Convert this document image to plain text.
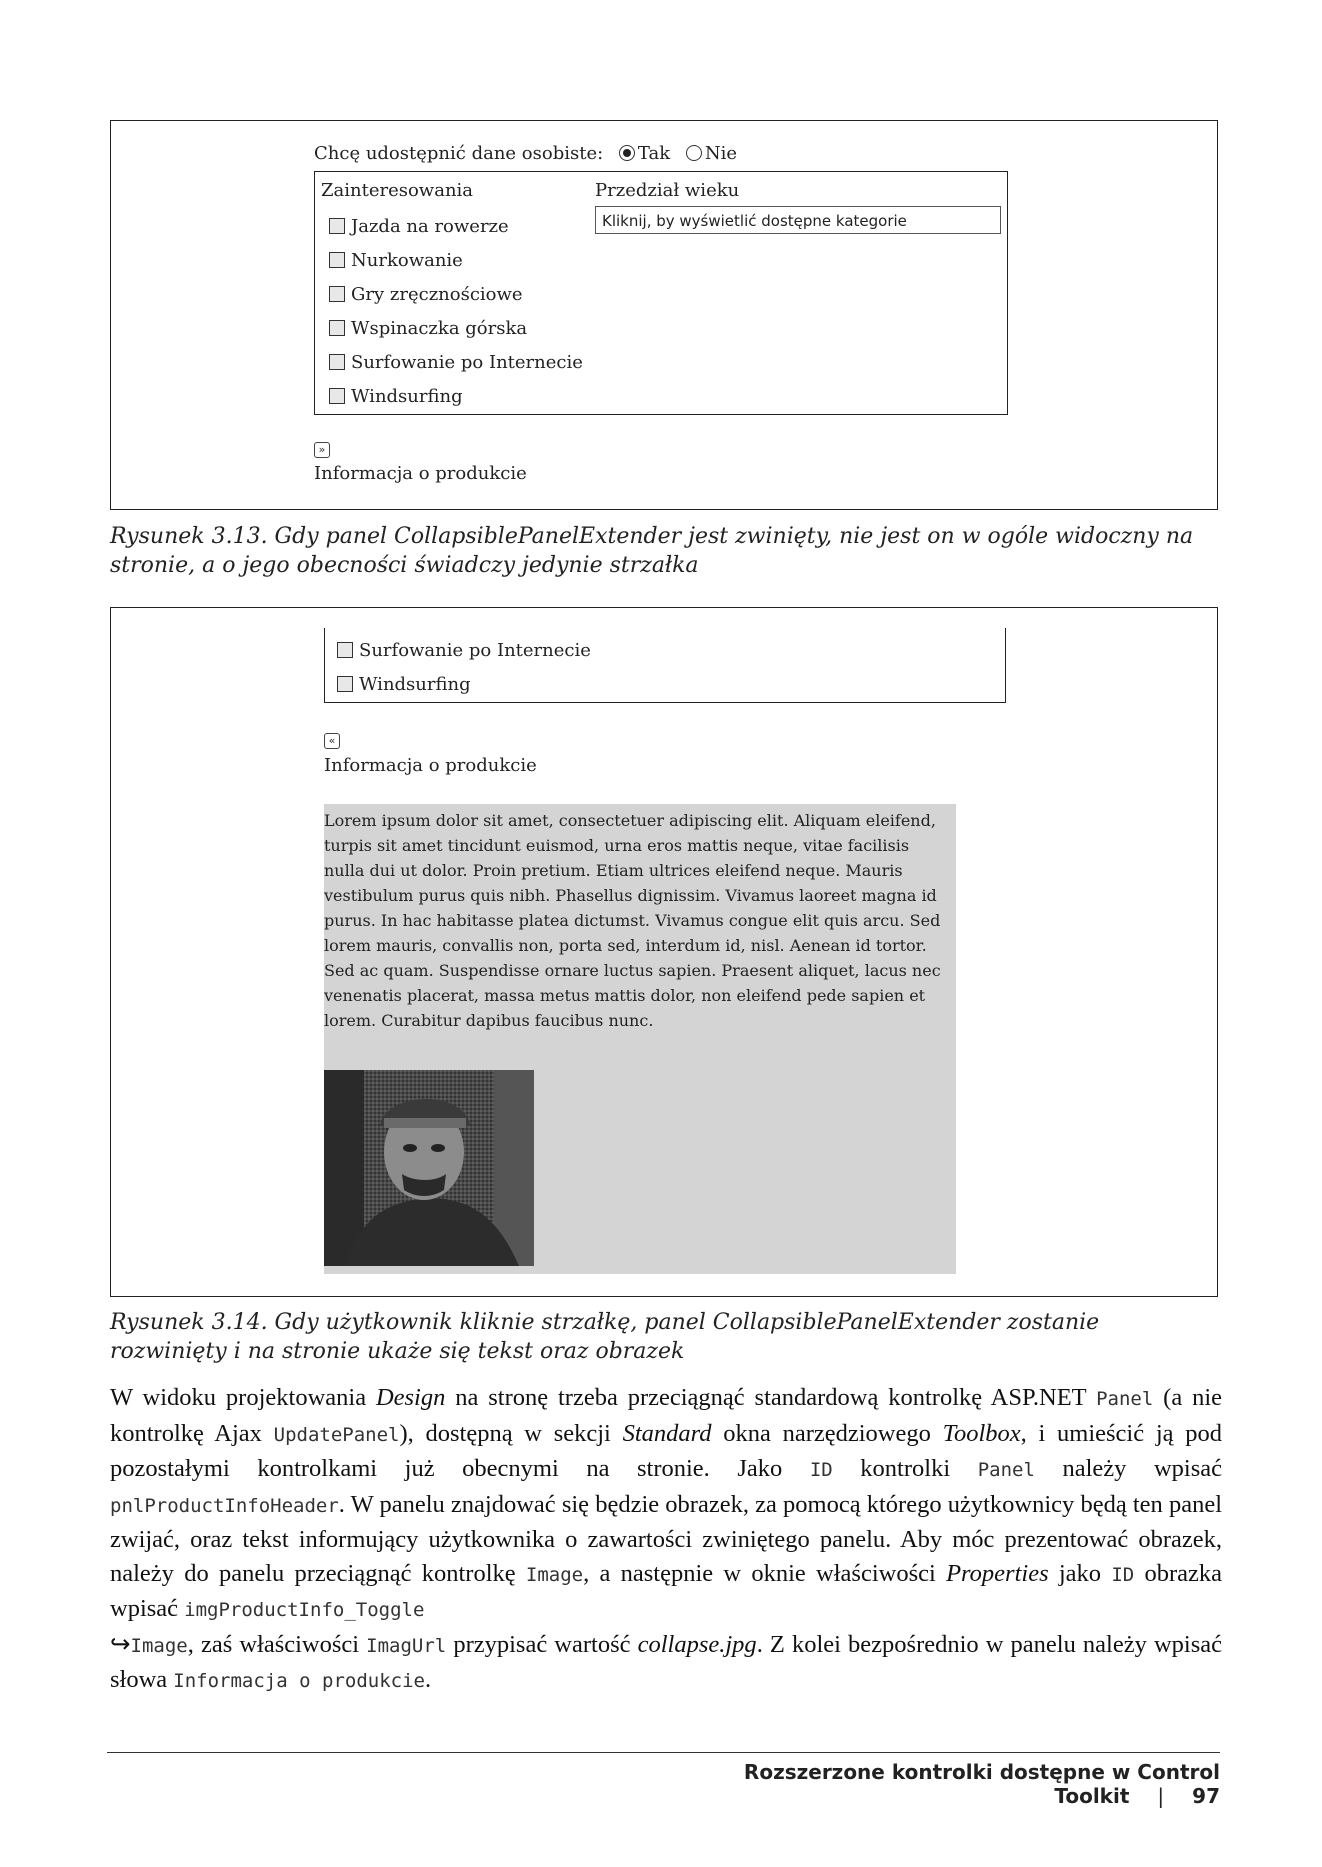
Chcę udostępnić dane osobiste: Tak Nie
Zainteresowania	Przedział wieku
Kliknij, by wyświetlić dostępne kategorie
Jazda na rowerze
Nurkowanie
Gry zręcznościowe
Wspinaczka górska
Surfowanie po Internecie
Windsurfing
»
Informacja o produkcie
Rysunek 3.13. Gdy panel CollapsiblePanelExtender jest zwinięty, nie jest on w ogóle widoczny na stronie, a o jego obecności świadczy jedynie strzałka
Surfowanie po Internecie
Windsurfing
«
Informacja o produkcie
Lorem ipsum dolor sit amet, consectetuer adipiscing elit. Aliquam eleifend, turpis sit amet tincidunt euismod, urna eros mattis neque, vitae facilisis nulla dui ut dolor. Proin pretium. Etiam ultrices eleifend neque. Mauris vestibulum purus quis nibh. Phasellus dignissim. Vivamus laoreet magna id purus. In hac habitasse platea dictumst. Vivamus congue elit quis arcu. Sed lorem mauris, convallis non, porta sed, interdum id, nisl. Aenean id tortor. Sed ac quam. Suspendisse ornare luctus sapien. Praesent aliquet, lacus nec venenatis placerat, massa metus mattis dolor, non eleifend pede sapien et lorem. Curabitur dapibus faucibus nunc.
Rysunek 3.14. Gdy użytkownik kliknie strzałkę, panel CollapsiblePanelExtender zostanie rozwinięty i na stronie ukaże się tekst oraz obrazek
W widoku projektowania Design na stronę trzeba przeciągnąć standardową kontrolkę ASP.NET Panel (a nie kontrolkę Ajax UpdatePanel), dostępną w sekcji Standard okna narzędziowego Toolbox, i umieścić ją pod pozostałymi kontrolkami już obecnymi na stronie. Jako ID kontrolki Panel należy wpisać pnlProductInfoHeader. W panelu znajdować się będzie obrazek, za pomocą którego użytkownicy będą ten panel zwijać, oraz tekst informujący użytkownika o zawartości zwiniętego panelu. Aby móc prezentować obrazek, należy do panelu przeciągnąć kontrolkę Image, a następnie w oknie właściwości Properties jako ID obrazka wpisać imgProductInfo_Toggle
↪Image, zaś właściwości ImagUrl przypisać wartość collapse.jpg. Z kolei bezpośrednio w panelu należy wpisać słowa Informacja o produkcie.
Rozszerzone kontrolki dostępne w Control Toolkit | 97
